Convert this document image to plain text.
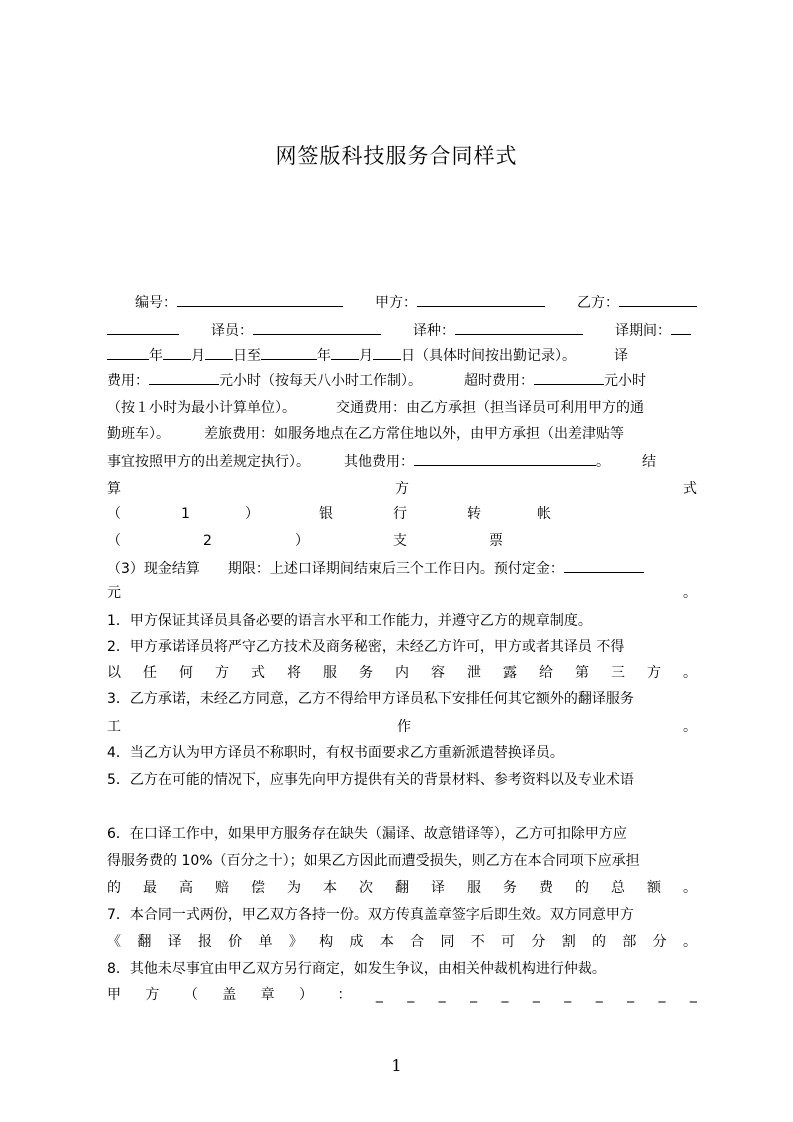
网签版科技服务合同样式
编号：	甲方：	乙方：
译员：	译种：	译期间：
年 月 日至	年 月 日（具体时间按出勤记录）。	译
费用：	元小时（按每天八小时工作制）。	超时费用：	元小时
（按１小时为最小计算单位）。	交通费用：由乙方承担（担当译员可利用甲方的通
勤班车）。 差旅费用：如服务地点在乙方常住地以外，由甲方承担（出差津贴等
事宜按照甲方的出差规定执行）。 其他费用：	。 结
算	方	式
（	1	）	银	行	转	帐
（	2	）	支	票
（3）现金结算 期限：上述口译期间结束后三个工作日内。预付定金：
元	。
1．甲方保证其译员具备必要的语言水平和工作能力，并遵守乙方的规章制度。
2．甲方承诺译员将严守乙方技术及商务秘密，未经乙方许可，甲方或者其译员 不得
以 任 何 方 式 将 服 务 内 容 泄 露 给 第 三 方 。
3．乙方承诺，未经乙方同意，乙方不得给甲方译员私下安排任何其它额外的翻译服务
工	作	。
4．当乙方认为甲方译员不称职时，有权书面要求乙方重新派遣替换译员。
5．乙方在可能的情况下，应事先向甲方提供有关的背景材料、参考资料以及专业术语
6．在口译工作中，如果甲方服务存在缺失（漏译、故意错译等），乙方可扣除甲方应
得服务费的 10%（百分之十）；如果乙方因此而遭受损失，则乙方在本合同项下应承担
的 最 高 赔 偿 为 本 次 翻 译 服 务 费 的 总 额 。
7．本合同一式两份，甲乙双方各持一份。双方传真盖章签字后即生效。双方同意甲方
《 翻 译 报 价 单 》 构 成 本 合 同 不 可 分 割 的 部 分 。
8．其他未尽事宜由甲乙双方另行商定，如发生争议，由相关仲裁机构进行仲裁。
甲 方 （ 盖 章 ） ： _ _ _ _ _ _ _ _ _ _ _
1
